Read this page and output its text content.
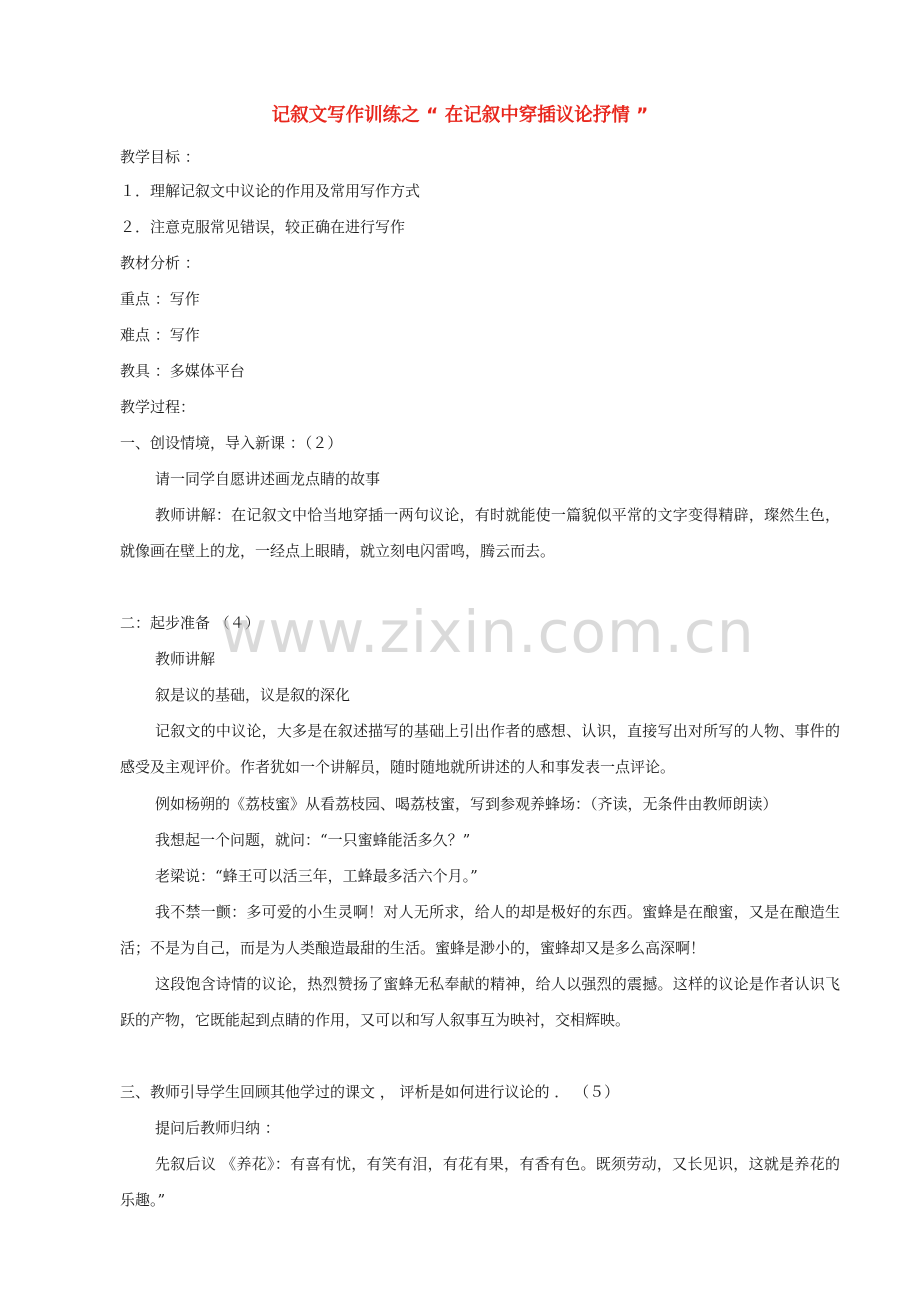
记叙文写作训练之 “ 在记叙中穿插议论抒情 ”
教学目标 ：
１．理解记叙文中议论的作用及常用写作方式
２．注意克服常见错误，较正确在进行写作
教材分析 ：
重点 ：写作
难点 ：写作
教具 ：多媒体平台
教学过程：
一、创设情境，导入新课 ：（２）
请一同学自愿讲述画龙点睛的故事
教师讲解：在记叙文中恰当地穿插一两句议论，有时就能使一篇貌似平常的文字变得精辟，璨然生色，就像画在壁上的龙，一经点上眼睛，就立刻电闪雷鸣，腾云而去。
二：起步准备 （４）
教师讲解
叙是议的基础，议是叙的深化
记叙文的中议论，大多是在叙述描写的基础上引出作者的感想、认识，直接写出对所写的人物、事件的感受及主观评价。作者犹如一个讲解员，随时随地就所讲述的人和事发表一点评论。
例如杨朔的《荔枝蜜》从看荔枝园、喝荔枝蜜，写到参观养蜂场：（齐读，无条件由教师朗读）
我想起一个问题，就问：“一只蜜蜂能活多久？”
老梁说：“蜂王可以活三年，工蜂最多活六个月。”
我不禁一颤：多可爱的小生灵啊！对人无所求，给人的却是极好的东西。蜜蜂是在酿蜜，又是在酿造生活；不是为自己，而是为人类酿造最甜的生活。蜜蜂是渺小的，蜜蜂却又是多么高深啊！
这段饱含诗情的议论，热烈赞扬了蜜蜂无私奉献的精神，给人以强烈的震撼。这样的议论是作者认识飞跃的产物，它既能起到点睛的作用，又可以和写人叙事互为映衬，交相辉映。
三、教师引导学生回顾其他学过的课文 ， 评析是如何进行议论的 ． （５）
提问后教师归纳 ：
先叙后议 《养花》：有喜有忧，有笑有泪，有花有果，有香有色。既须劳动，又长见识，这就是养花的乐趣。”
www.zixin.com.cn
